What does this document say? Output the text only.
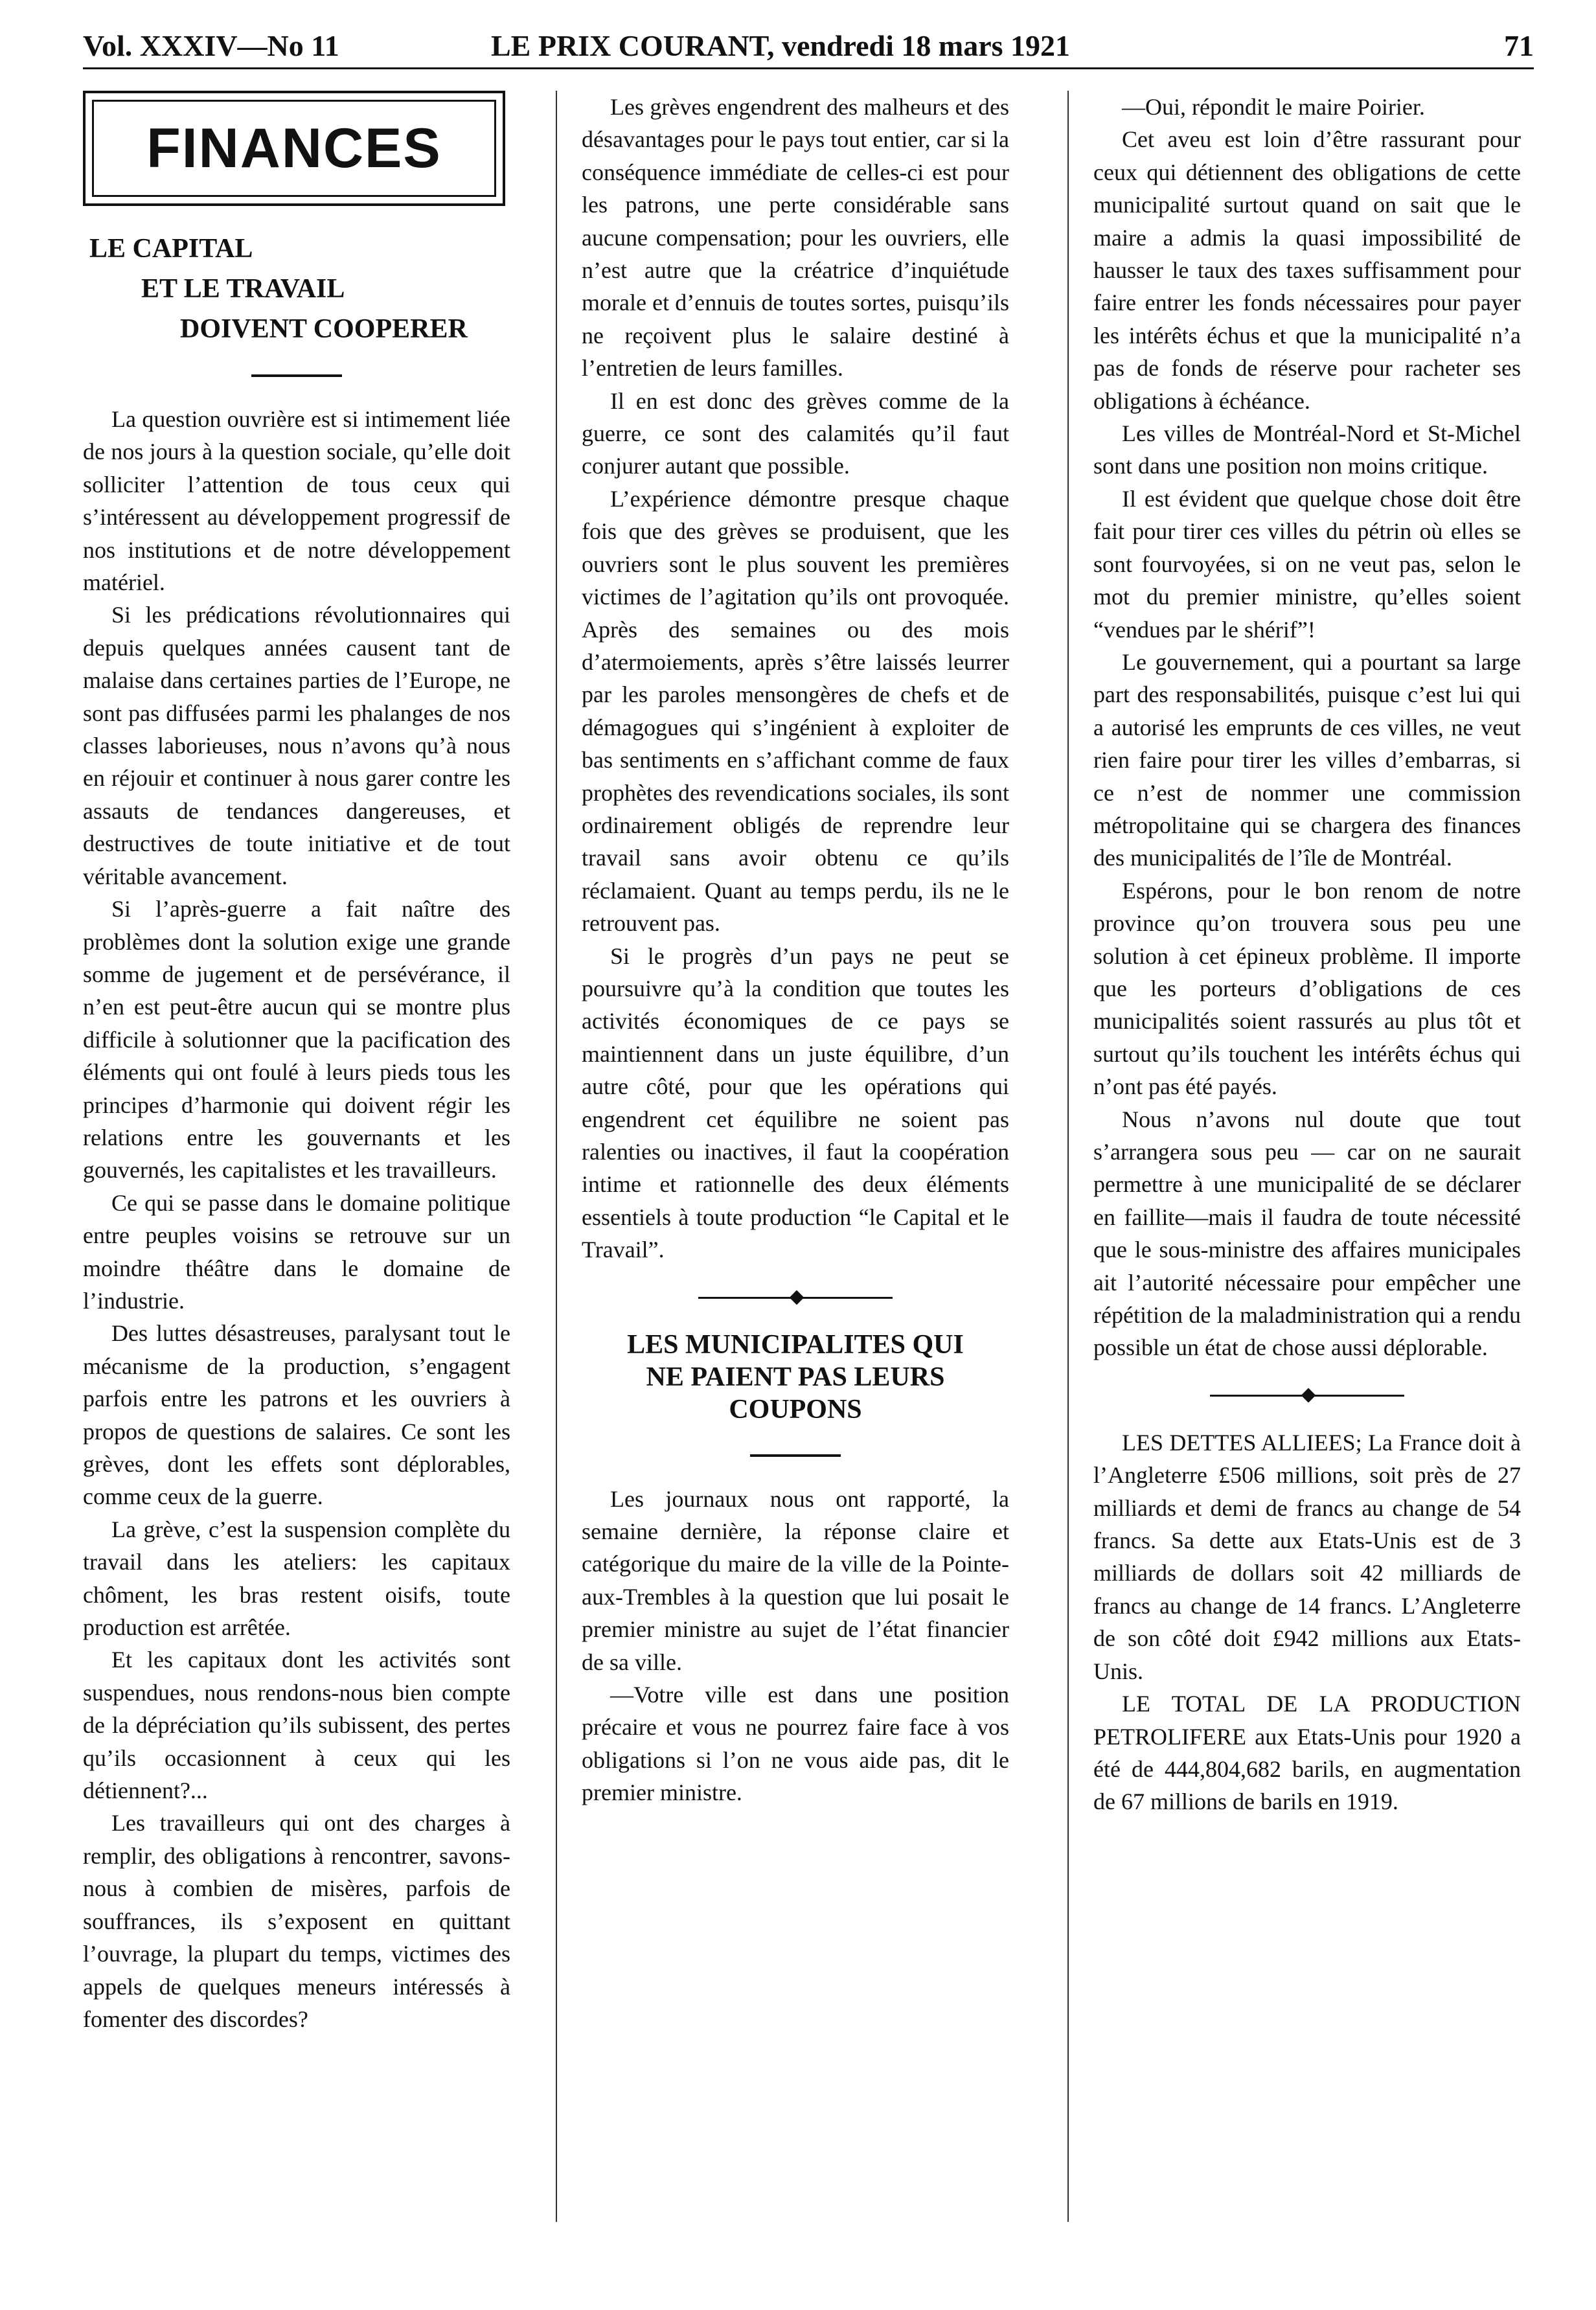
Vol. XXXIV—No 11	LE PRIX COURANT, vendredi 18 mars 1921	71
FINANCES
LE CAPITAL
ET LE TRAVAIL
DOIVENT COOPERER

La question ouvrière est si intimement liée de nos jours à la question sociale, qu’elle doit solliciter l’attention de tous ceux qui s’intéressent au développement progressif de nos institutions et de notre développement matériel.

Si les prédications révolutionnaires qui depuis quelques années causent tant de malaise dans certaines parties de l’Europe, ne sont pas diffusées parmi les phalanges de nos classes laborieuses, nous n’avons qu’à nous en réjouir et continuer à nous garer contre les assauts de tendances dangereuses, et destructives de toute initiative et de tout véritable avancement.

Si l’après-guerre a fait naître des problèmes dont la solution exige une grande somme de jugement et de persévérance, il n’en est peut-être aucun qui se montre plus difficile à solutionner que la pacification des éléments qui ont foulé à leurs pieds tous les principes d’harmonie qui doivent régir les relations entre les gouvernants et les gouvernés, les capitalistes et les travailleurs.

Ce qui se passe dans le domaine politique entre peuples voisins se retrouve sur un moindre théâtre dans le domaine de l’industrie.

Des luttes désastreuses, paralysant tout le mécanisme de la production, s’engagent parfois entre les patrons et les ouvriers à propos de questions de salaires. Ce sont les grèves, dont les effets sont déplorables, comme ceux de la guerre.

La grève, c’est la suspension complète du travail dans les ateliers: les capitaux chôment, les bras restent oisifs, toute production est arrêtée.

Et les capitaux dont les activités sont suspendues, nous rendons-nous bien compte de la dépréciation qu’ils subissent, des pertes qu’ils occasionnent à ceux qui les détiennent?...

Les travailleurs qui ont des charges à remplir, des obligations à rencontrer, savons-nous à combien de misères, parfois de souffrances, ils s’exposent en quittant l’ouvrage, la plupart du temps, victimes des appels de quelques meneurs intéressés à fomenter des discordes?

Les grèves engendrent des malheurs et des désavantages pour le pays tout entier, car si la conséquence immédiate de celles-ci est pour les patrons, une perte considérable sans aucune compensation; pour les ouvriers, elle n’est autre que la créatrice d’inquiétude morale et d’ennuis de toutes sortes, puisqu’ils ne reçoivent plus le salaire destiné à l’entretien de leurs familles.

Il en est donc des grèves comme de la guerre, ce sont des calamités qu’il faut conjurer autant que possible.

L’expérience démontre presque chaque fois que des grèves se produisent, que les ouvriers sont le plus souvent les premières victimes de l’agitation qu’ils ont provoquée. Après des semaines ou des mois d’atermoiements, après s’être laissés leurrer par les paroles mensongères de chefs et de démagogues qui s’ingénient à exploiter de bas sentiments en s’affichant comme de faux prophètes des revendications sociales, ils sont ordinairement obligés de reprendre leur travail sans avoir obtenu ce qu’ils réclamaient. Quant au temps perdu, ils ne le retrouvent pas.

Si le progrès d’un pays ne peut se poursuivre qu’à la condition que toutes les activités économiques de ce pays se maintiennent dans un juste équilibre, d’un autre côté, pour que les opérations qui engendrent cet équilibre ne soient pas ralenties ou inactives, il faut la coopération intime et rationnelle des deux éléments essentiels à toute production “le Capital et le Travail”.

LES MUNICIPALITES QUI
NE PAIENT PAS LEURS
COUPONS

Les journaux nous ont rapporté, la semaine dernière, la réponse claire et catégorique du maire de la ville de la Pointe-aux-Trembles à la question que lui posait le premier ministre au sujet de l’état financier de sa ville.

—Votre ville est dans une position précaire et vous ne pourrez faire face à vos obligations si l’on ne vous aide pas, dit le premier ministre.

—Oui, répondit le maire Poirier.

Cet aveu est loin d’être rassurant pour ceux qui détiennent des obligations de cette municipalité surtout quand on sait que le maire a admis la quasi impossibilité de hausser le taux des taxes suffisamment pour faire entrer les fonds nécessaires pour payer les intérêts échus et que la municipalité n’a pas de fonds de réserve pour racheter ses obligations à échéance.

Les villes de Montréal-Nord et St-Michel sont dans une position non moins critique.

Il est évident que quelque chose doit être fait pour tirer ces villes du pétrin où elles se sont fourvoyées, si on ne veut pas, selon le mot du premier ministre, qu’elles soient “vendues par le shérif”!

Le gouvernement, qui a pourtant sa large part des responsabilités, puisque c’est lui qui a autorisé les emprunts de ces villes, ne veut rien faire pour tirer les villes d’embarras, si ce n’est de nommer une commission métropolitaine qui se chargera des finances des municipalités de l’île de Montréal.

Espérons, pour le bon renom de notre province qu’on trouvera sous peu une solution à cet épineux problème. Il importe que les porteurs d’obligations de ces municipalités soient rassurés au plus tôt et surtout qu’ils touchent les intérêts échus qui n’ont pas été payés.

Nous n’avons nul doute que tout s’arrangera sous peu — car on ne saurait permettre à une municipalité de se déclarer en faillite—mais il faudra de toute nécessité que le sous-ministre des affaires municipales ait l’autorité nécessaire pour empêcher une répétition de la maladministration qui a rendu possible un état de chose aussi déplorable.

LES DETTES ALLIEES; La France doit à l’Angleterre £506 millions, soit près de 27 milliards et demi de francs au change de 54 francs. Sa dette aux Etats-Unis est de 3 milliards de dollars soit 42 milliards de francs au change de 14 francs. L’Angleterre de son côté doit £942 millions aux Etats-Unis.

LE TOTAL DE LA PRODUCTION PETROLIFERE aux Etats-Unis pour 1920 a été de 444,804,682 barils, en augmentation de 67 millions de barils en 1919.
